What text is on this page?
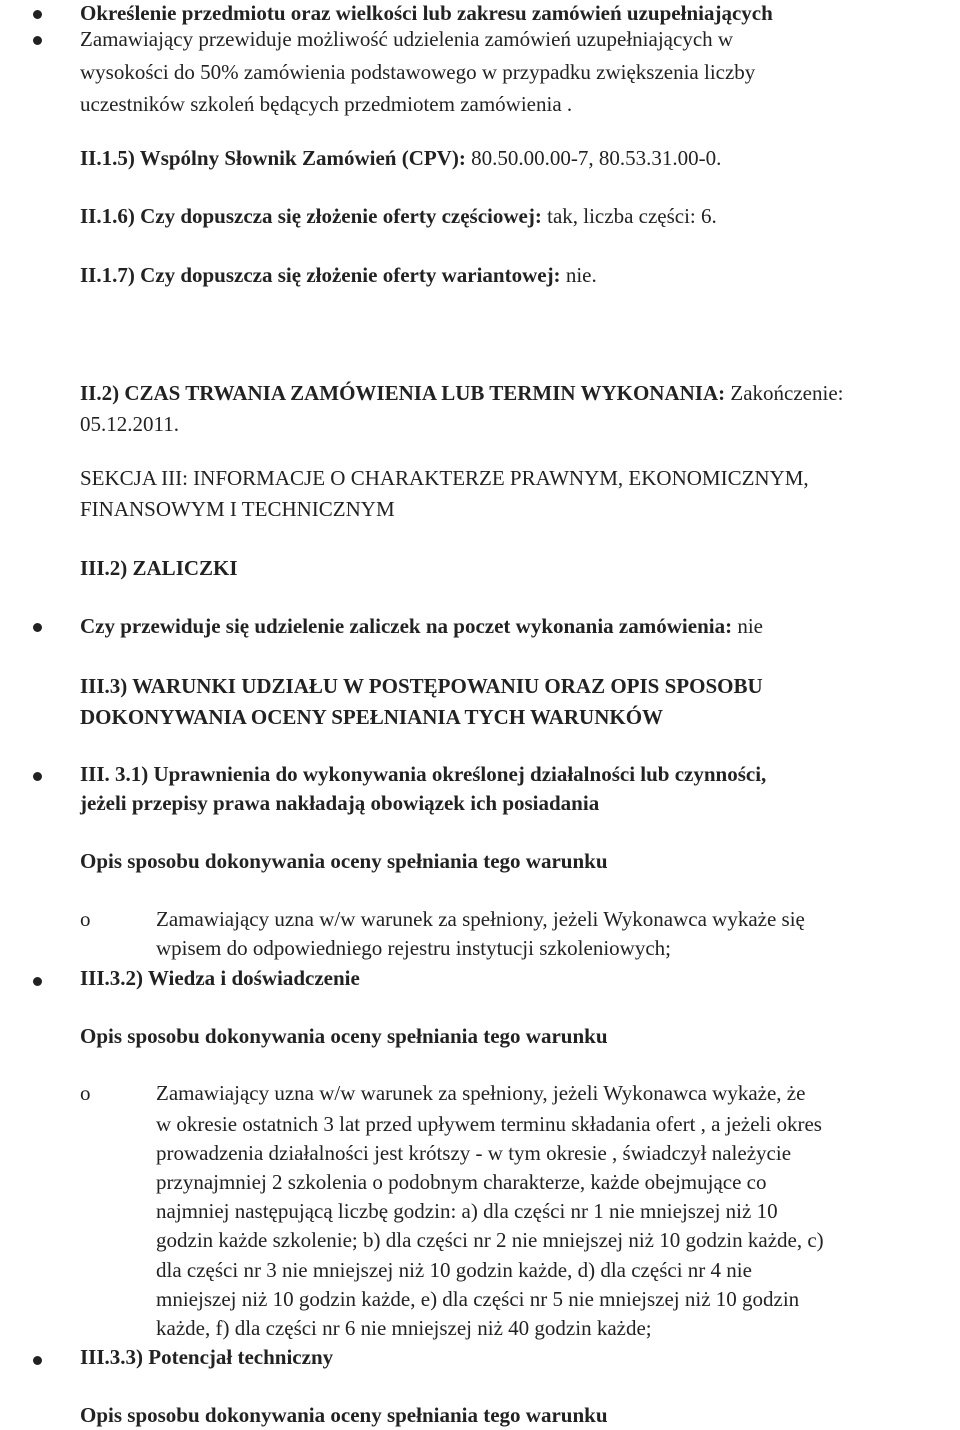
Określenie przedmiotu oraz wielkości lub zakresu zamówień uzupełniających
Zamawiający przewiduje możliwość udzielenia zamówień uzupełniających w
wysokości do 50% zamówienia podstawowego w przypadku zwiększenia liczby
uczestników szkoleń będących przedmiotem zamówienia .
II.1.5) Wspólny Słownik Zamówień (CPV): 80.50.00.00-7, 80.53.31.00-0.
II.1.6) Czy dopuszcza się złożenie oferty częściowej: tak, liczba części: 6.
II.1.7) Czy dopuszcza się złożenie oferty wariantowej: nie.
II.2) CZAS TRWANIA ZAMÓWIENIA LUB TERMIN WYKONANIA: Zakończenie:
05.12.2011.
SEKCJA III: INFORMACJE O CHARAKTERZE PRAWNYM, EKONOMICZNYM,
FINANSOWYM I TECHNICZNYM
III.2) ZALICZKI
Czy przewiduje się udzielenie zaliczek na poczet wykonania zamówienia: nie
III.3) WARUNKI UDZIAŁU W POSTĘPOWANIU ORAZ OPIS SPOSOBU
DOKONYWANIA OCENY SPEŁNIANIA TYCH WARUNKÓW
III. 3.1) Uprawnienia do wykonywania określonej działalności lub czynności,
jeżeli przepisy prawa nakładają obowiązek ich posiadania
Opis sposobu dokonywania oceny spełniania tego warunku
o	Zamawiający uzna w/w warunek za spełniony, jeżeli Wykonawca wykaże się
wpisem do odpowiedniego rejestru instytucji szkoleniowych;
III.3.2) Wiedza i doświadczenie
Opis sposobu dokonywania oceny spełniania tego warunku
o	Zamawiający uzna w/w warunek za spełniony, jeżeli Wykonawca wykaże, że
w okresie ostatnich 3 lat przed upływem terminu składania ofert , a jeżeli okres
prowadzenia działalności jest krótszy - w tym okresie , świadczył należycie
przynajmniej 2 szkolenia o podobnym charakterze, każde obejmujące co
najmniej następującą liczbę godzin: a) dla części nr 1 nie mniejszej niż 10
godzin każde szkolenie; b) dla części nr 2 nie mniejszej niż 10 godzin każde, c)
dla części nr 3 nie mniejszej niż 10 godzin każde, d) dla części nr 4 nie
mniejszej niż 10 godzin każde, e) dla części nr 5 nie mniejszej niż 10 godzin
każde, f) dla części nr 6 nie mniejszej niż 40 godzin każde;
III.3.3) Potencjał techniczny
Opis sposobu dokonywania oceny spełniania tego warunku
